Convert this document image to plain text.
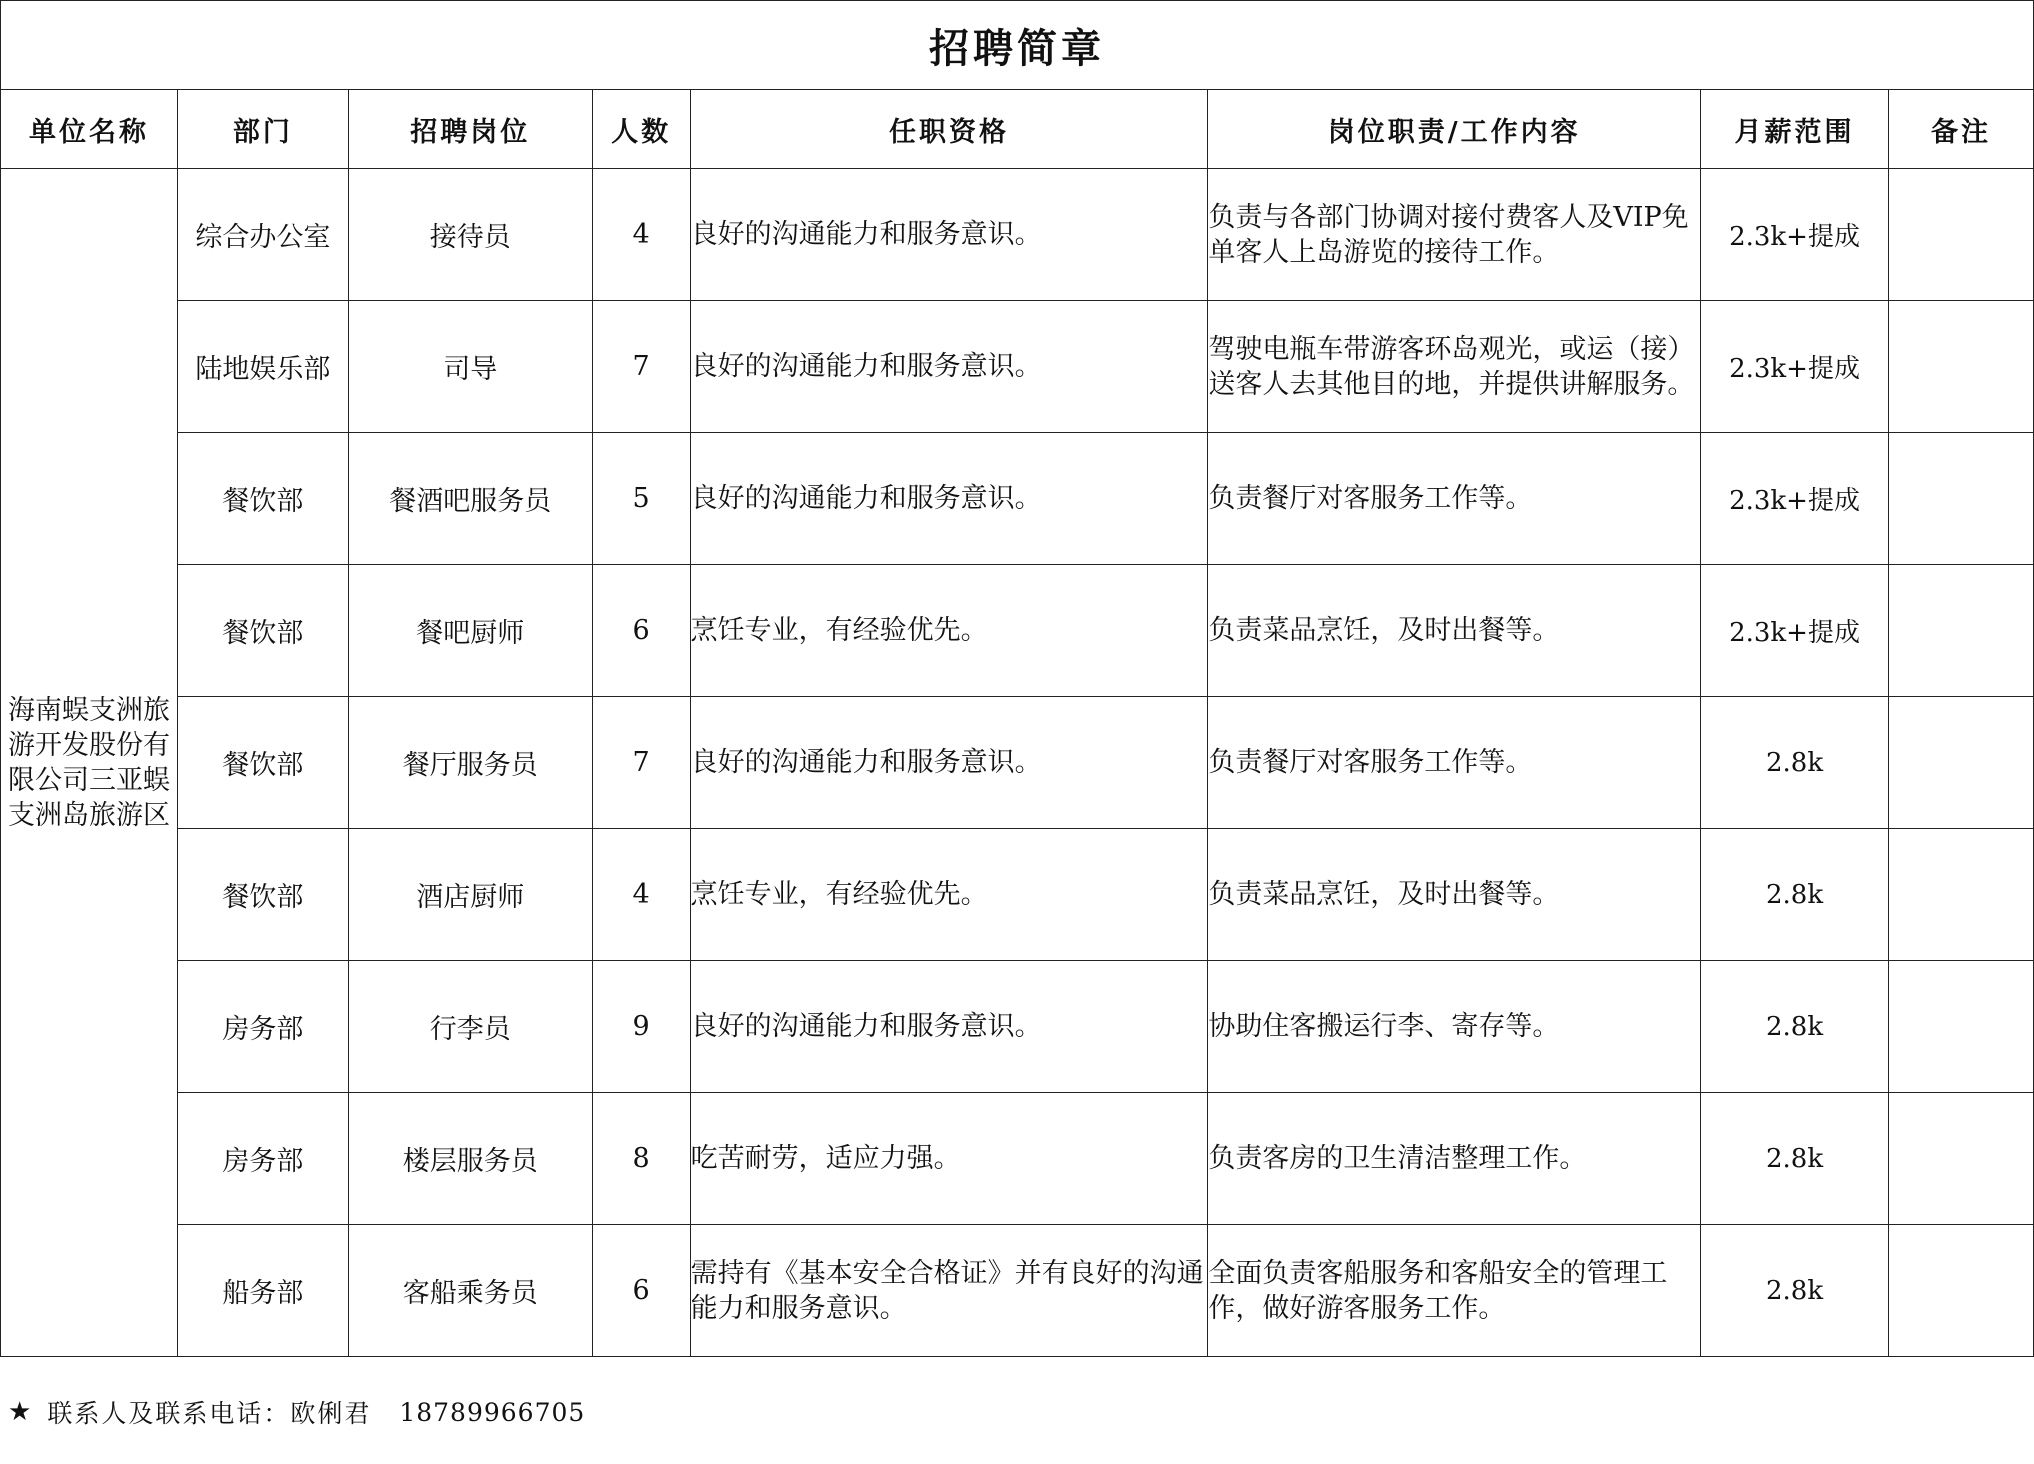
招聘简章							
单位名称	部门	招聘岗位	人数	任职资格	岗位职责/工作内容	月薪范围	备注
海南蜈支洲旅游开发股份有限公司三亚蜈支洲岛旅游区	综合办公室	接待员	4	良好的沟通能力和服务意识。	负责与各部门协调对接付费客人及VIP免单客人上岛游览的接待工作。	2.3k+提成	
	陆地娱乐部	司导	7	良好的沟通能力和服务意识。	驾驶电瓶车带游客环岛观光，或运（接）送客人去其他目的地，并提供讲解服务。	2.3k+提成	
	餐饮部	餐酒吧服务员	5	良好的沟通能力和服务意识。	负责餐厅对客服务工作等。	2.3k+提成	
	餐饮部	餐吧厨师	6	烹饪专业，有经验优先。	负责菜品烹饪，及时出餐等。	2.3k+提成	
	餐饮部	餐厅服务员	7	良好的沟通能力和服务意识。	负责餐厅对客服务工作等。	2.8k	
	餐饮部	酒店厨师	4	烹饪专业，有经验优先。	负责菜品烹饪，及时出餐等。	2.8k	
	房务部	行李员	9	良好的沟通能力和服务意识。	协助住客搬运行李、寄存等。	2.8k	
	房务部	楼层服务员	8	吃苦耐劳，适应力强。	负责客房的卫生清洁整理工作。	2.8k	
	船务部	客船乘务员	6	需持有《基本安全合格证》并有良好的沟通能力和服务意识。	全面负责客船服务和客船安全的管理工作，做好游客服务工作。	2.8k	
★ 联系人及联系电话：欧俐君 18789966705
